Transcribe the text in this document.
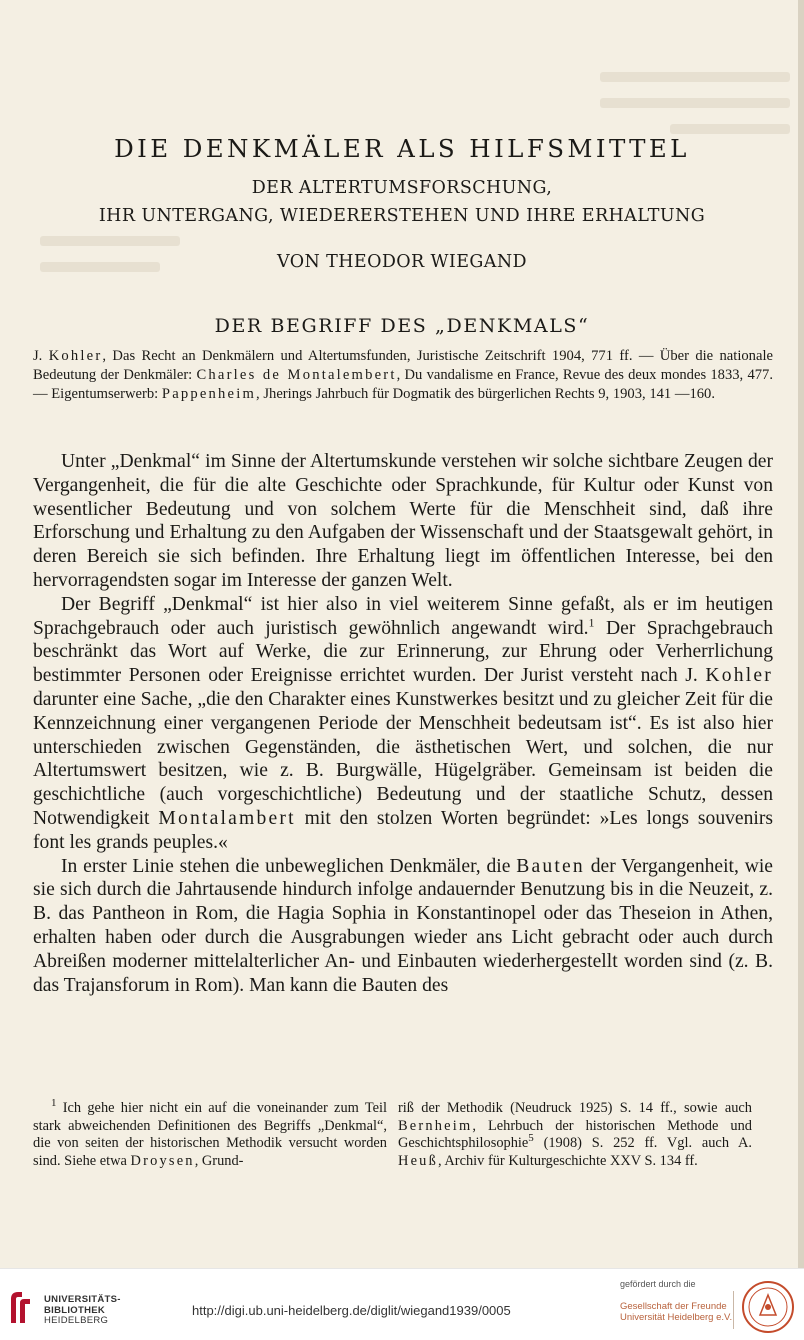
DIE DENKMÄLER ALS HILFSMITTEL
DER ALTERTUMSFORSCHUNG,
IHR UNTERGANG, WIEDERERSTEHEN UND IHRE ERHALTUNG
VON THEODOR WIEGAND
DER BEGRIFF DES „DENKMALS“
J. Kohler, Das Recht an Denkmälern und Altertumsfunden, Juristische Zeitschrift 1904, 771 ff. — Über die nationale Bedeutung der Denkmäler: Charles de Montalembert, Du vandalisme en France, Revue des deux mondes 1833, 477. — Eigentumserwerb: Pappenheim, Jherings Jahrbuch für Dogmatik des bürgerlichen Rechts 9, 1903, 141 —160.

Unter „Denkmal“ im Sinne der Altertumskunde verstehen wir solche sichtbare Zeugen der Vergangenheit, die für die alte Geschichte oder Sprachkunde, für Kultur oder Kunst von wesentlicher Bedeutung und von solchem Werte für die Menschheit sind, daß ihre Erforschung und Erhaltung zu den Aufgaben der Wissenschaft und der Staatsgewalt gehört, in deren Bereich sie sich befinden. Ihre Erhaltung liegt im öffentlichen Interesse, bei den hervorragendsten sogar im Interesse der ganzen Welt.

Der Begriff „Denkmal“ ist hier also in viel weiterem Sinne gefaßt, als er im heutigen Sprachgebrauch oder auch juristisch gewöhnlich angewandt wird.$^1$ Der Sprachgebrauch beschränkt das Wort auf Werke, die zur Erinnerung, zur Ehrung oder Verherrlichung bestimmter Personen oder Ereignisse errichtet wurden. Der Jurist versteht nach J. Kohler darunter eine Sache, „die den Charakter eines Kunstwerkes besitzt und zu gleicher Zeit für die Kennzeichnung einer vergangenen Periode der Menschheit bedeutsam ist“. Es ist also hier unterschieden zwischen Gegenständen, die ästhetischen Wert, und solchen, die nur Altertumswert besitzen, wie z. B. Burgwälle, Hügelgräber. Gemeinsam ist beiden die geschichtliche (auch vorgeschichtliche) Bedeutung und der staatliche Schutz, dessen Notwendigkeit Montalambert mit den stolzen Worten begründet: »Les longs souvenirs font les grands peuples.«

In erster Linie stehen die unbeweglichen Denkmäler, die Bauten der Vergangenheit, wie sie sich durch die Jahrtausende hindurch infolge andauernder Benutzung bis in die Neuzeit, z. B. das Pantheon in Rom, die Hagia Sophia in Konstantinopel oder das Theseion in Athen, erhalten haben oder durch die Ausgrabungen wieder ans Licht gebracht oder auch durch Abreißen moderner mittelalterlicher An- und Einbauten wiederhergestellt worden sind (z. B. das Trajansforum in Rom). Man kann die Bauten des

$^1$ Ich gehe hier nicht ein auf die voneinander zum Teil stark abweichenden Definitionen des Begriffs „Denkmal“, die von seiten der historischen Methodik versucht worden sind. Siehe etwa Droysen, Grund-
riß der Methodik (Neudruck 1925) S. 14 ff., sowie auch Bernheim, Lehrbuch der historischen Methode und Geschichtsphilosophie$^5$ (1908) S. 252 ff. Vgl. auch A. Heuß, Archiv für Kulturgeschichte XXV S. 134 ff.
UNIVERSITÄTS-
BIBLIOTHEK
HEIDELBERG
http://digi.ub.uni-heidelberg.de/diglit/wiegand1939/0005
gefördert durch die
Gesellschaft der Freunde
Universität Heidelberg e.V.
